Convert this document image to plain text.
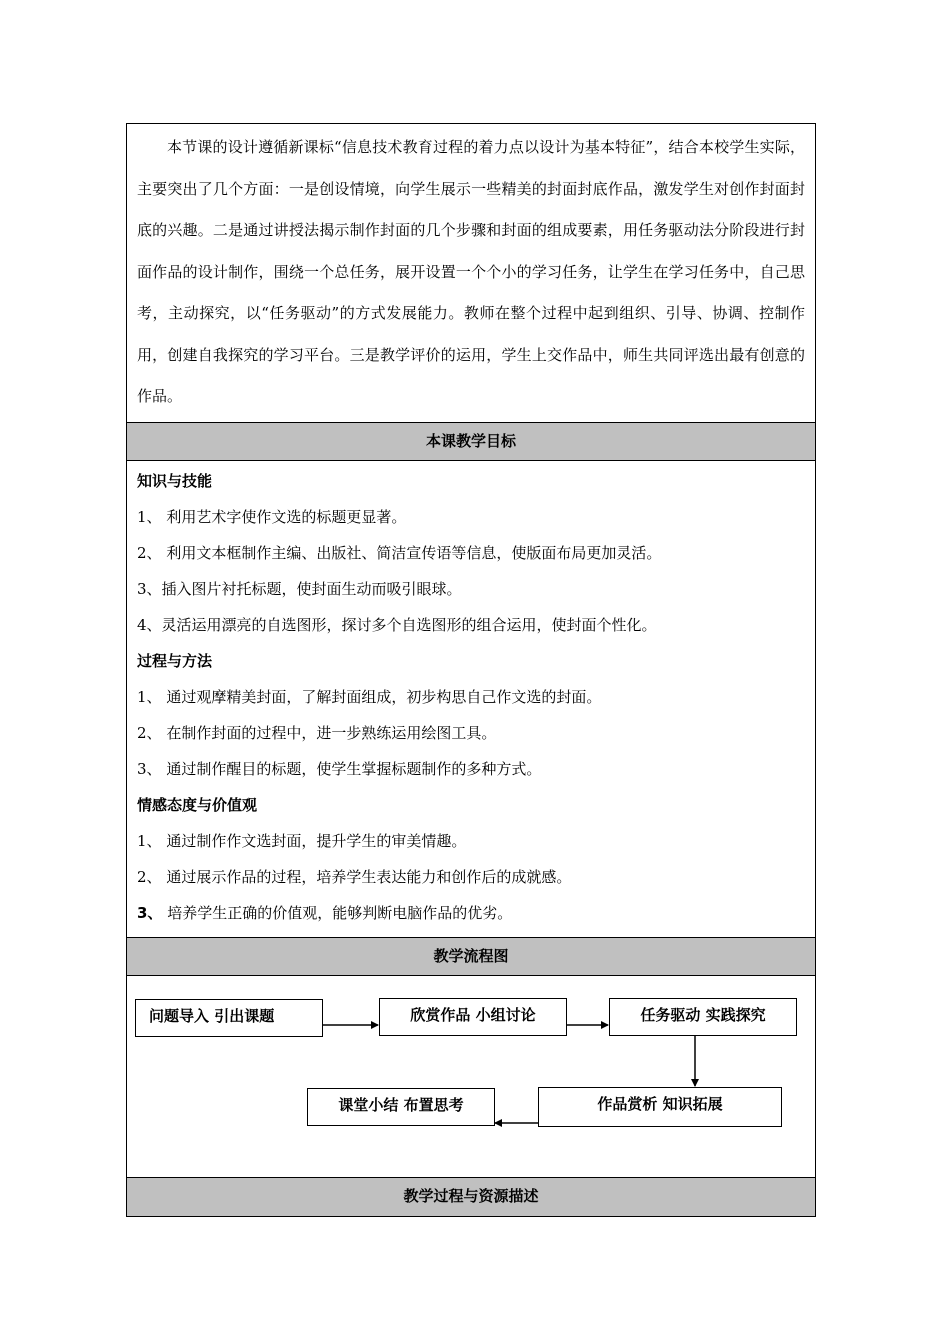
本节课的设计遵循新课标“信息技术教育过程的着力点以设计为基本特征”，结合本校学生实际，主要突出了几个方面：一是创设情境，向学生展示一些精美的封面封底作品，激发学生对创作封面封底的兴趣。二是通过讲授法揭示制作封面的几个步骤和封面的组成要素，用任务驱动法分阶段进行封面作品的设计制作，围绕一个总任务，展开设置一个个小的学习任务，让学生在学习任务中，自己思考，主动探究，以“任务驱动”的方式发展能力。教师在整个过程中起到组织、引导、协调、控制作用，创建自我探究的学习平台。三是教学评价的运用，学生上交作品中，师生共同评选出最有创意的作品。
本课教学目标
知识与技能
1、 利用艺术字使作文选的标题更显著。
2、 利用文本框制作主编、出版社、简洁宣传语等信息，使版面布局更加灵活。
3、插入图片衬托标题，使封面生动而吸引眼球。
4、灵活运用漂亮的自选图形，探讨多个自选图形的组合运用，使封面个性化。
过程与方法
1、 通过观摩精美封面，了解封面组成，初步构思自己作文选的封面。
2、 在制作封面的过程中，进一步熟练运用绘图工具。
3、 通过制作醒目的标题，使学生掌握标题制作的多种方式。
情感态度与价值观
1、 通过制作作文选封面，提升学生的审美情趣。
2、 通过展示作品的过程，培养学生表达能力和创作后的成就感。
3、 培养学生正确的价值观，能够判断电脑作品的优劣。
教学流程图
问题导入 引出课题	欣赏作品 小组讨论	任务驱动 实践探究
作品赏析 知识拓展
课堂小结 布置思考
教学过程与资源描述
